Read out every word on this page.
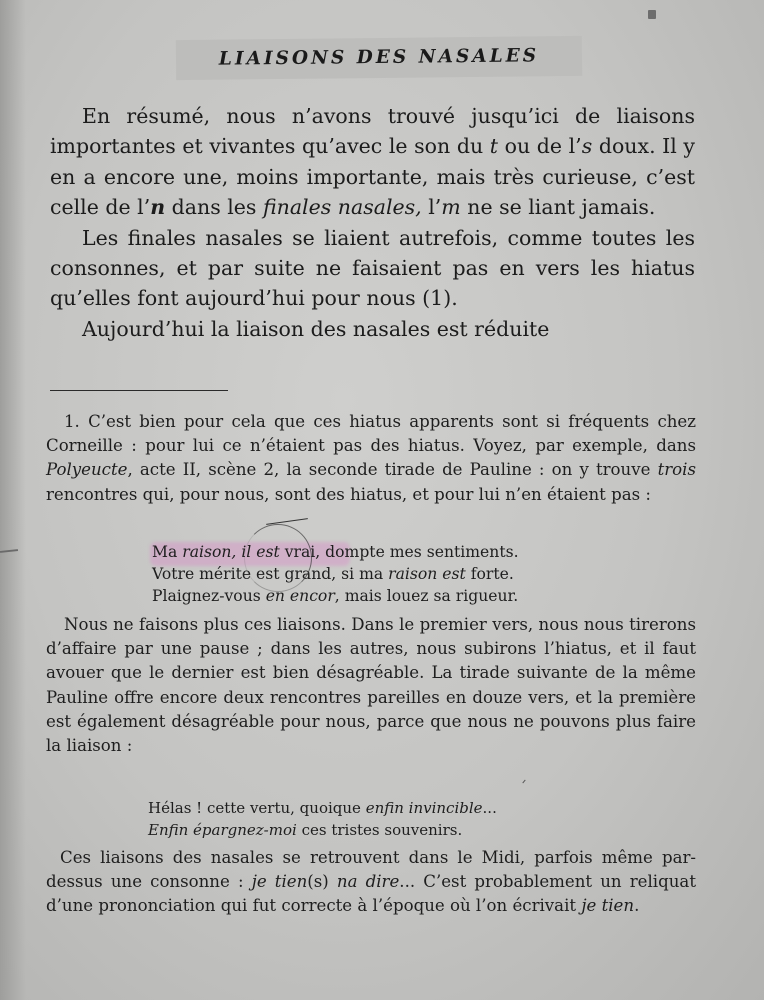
LIAISONS DES NASALES

En résumé, nous n’avons trouvé jusqu’ici de liaisons importantes et vivantes qu’avec le son du t ou de l’s doux. Il y en a encore une, moins importante, mais très curieuse, c’est celle de l’n dans les finales nasales, l’m ne se liant jamais.

Les finales nasales se liaient autrefois, comme toutes les consonnes, et par suite ne faisaient pas en vers les hiatus qu’elles font aujourd’hui pour nous (1).

Aujourd’hui la liaison des nasales est réduite

1. C’est bien pour cela que ces hiatus apparents sont si fréquents chez Corneille : pour lui ce n’étaient pas des hiatus. Voyez, par exemple, dans Polyeucte, acte II, scène 2, la seconde tirade de Pauline : on y trouve trois rencontres qui, pour nous, sont des hiatus, et pour lui n’en étaient pas :

Ma raison, il est vrai, dompte mes sentiments.
Votre mérite est grand, si ma raison est forte.
Plaignez-vous en encor, mais louez sa rigueur.

Nous ne faisons plus ces liaisons. Dans le premier vers, nous nous tirerons d’affaire par une pause ; dans les autres, nous subirons l’hiatus, et il faut avouer que le dernier est bien désagréable. La tirade suivante de la même Pauline offre encore deux rencontres pareilles en douze vers, et la première est également désagréable pour nous, parce que nous ne pouvons plus faire la liaison :

Hélas ! cette vertu, quoique enfin invincible...
Enfin épargnez-moi ces tristes souvenirs.

Ces liaisons des nasales se retrouvent dans le Midi, parfois même par-dessus une consonne : je tien(s) na dire... C’est probablement un reliquat d’une prononciation qui fut correcte à l’époque où l’on écrivait je tien.
